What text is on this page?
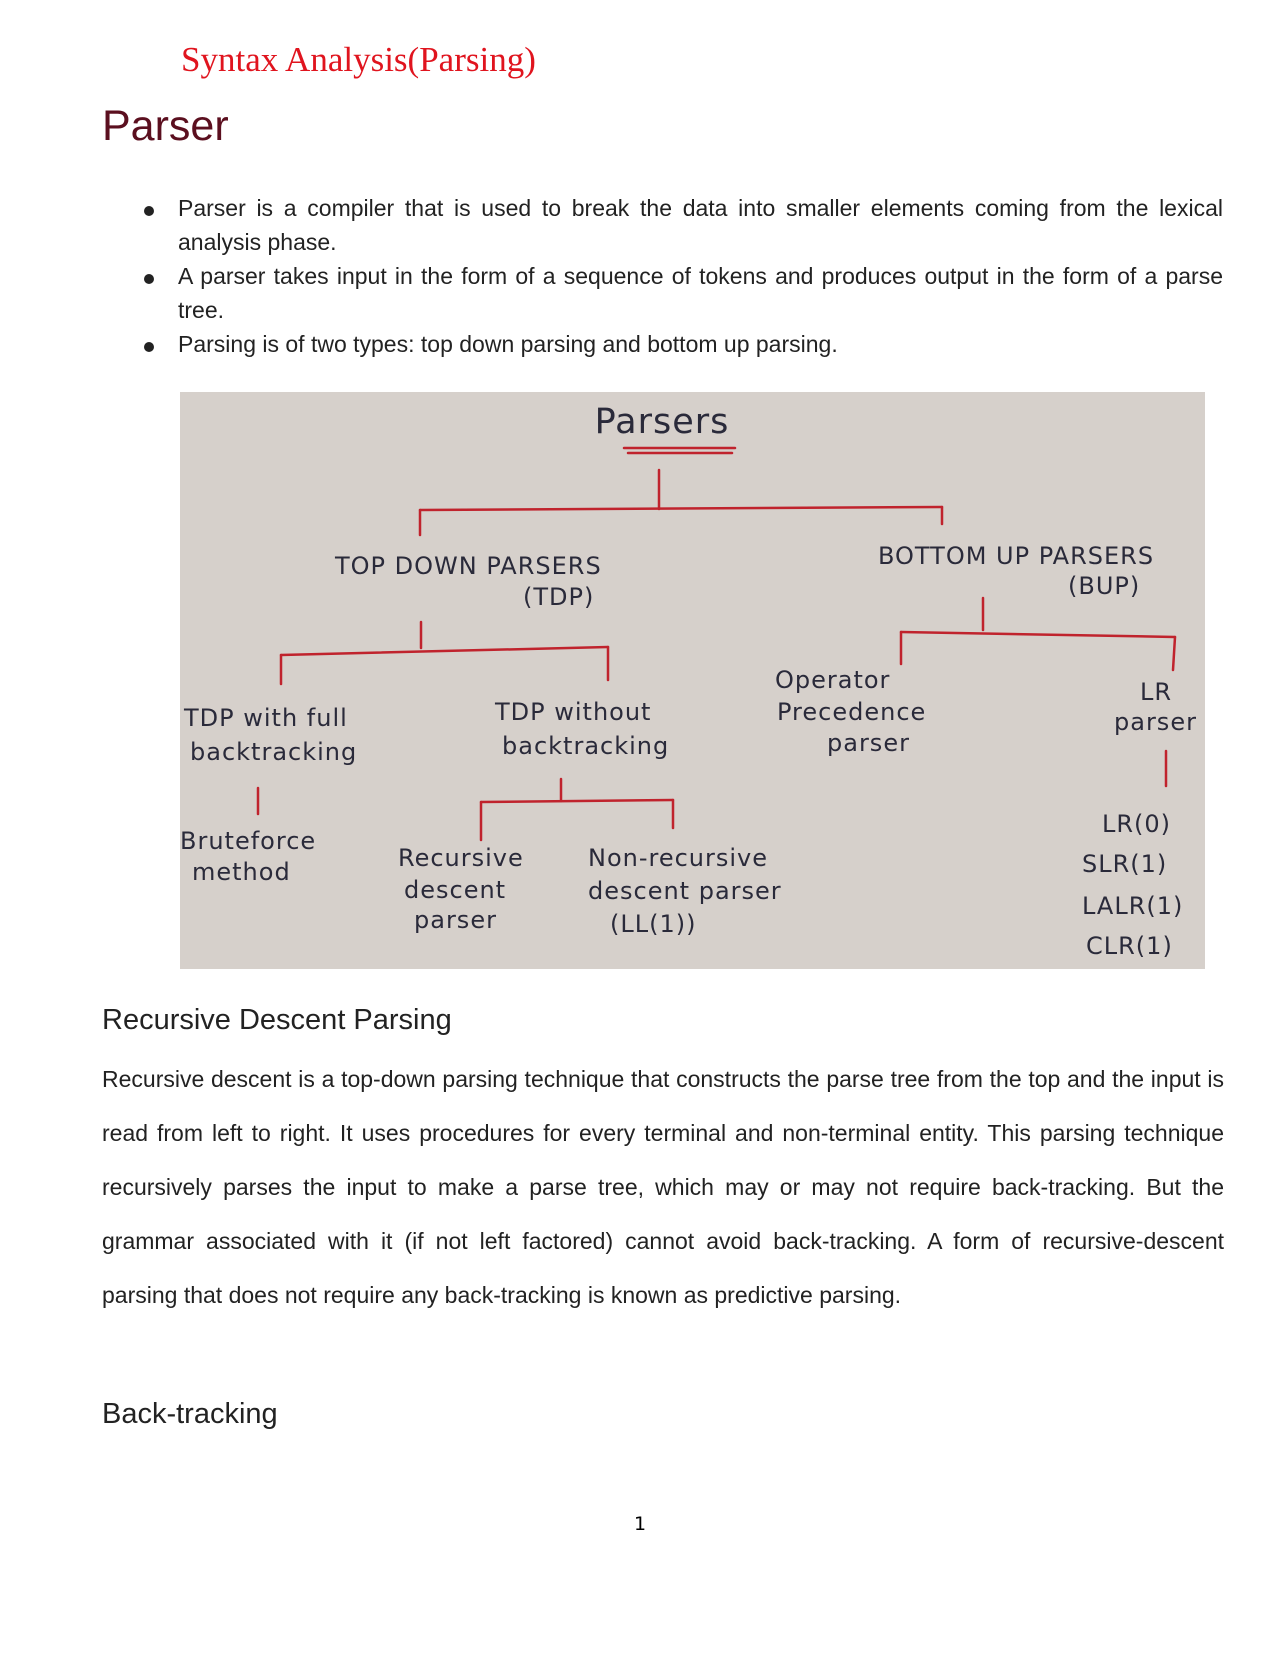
Syntax Analysis(Parsing)
Parser
Parser is a compiler that is used to break the data into smaller elements coming from the lexical analysis phase.
A parser takes input in the form of a sequence of tokens and produces output in the form of a parse tree.
Parsing is of two types: top down parsing and bottom up parsing.
Parsers
TOP DOWN PARSERS
(TDP)
BOTTOM UP PARSERS
(BUP)
TDP with full
backtracking
Bruteforce
method
TDP without
backtracking
Recursive
descent
parser
Non-recursive
descent parser
(LL(1))
Operator
Precedence
parser
LR
parser
LR(0)
SLR(1)
LALR(1)
CLR(1)
Recursive Descent Parsing

Recursive descent is a top-down parsing technique that constructs the parse tree from the top and the input is read from left to right. It uses procedures for every terminal and non-terminal entity. This parsing technique recursively parses the input to make a parse tree, which may or may not require back-tracking. But the grammar associated with it (if not left factored) cannot avoid back-tracking. A form of recursive-descent parsing that does not require any back-tracking is known as predictive parsing.

Back-tracking
1
